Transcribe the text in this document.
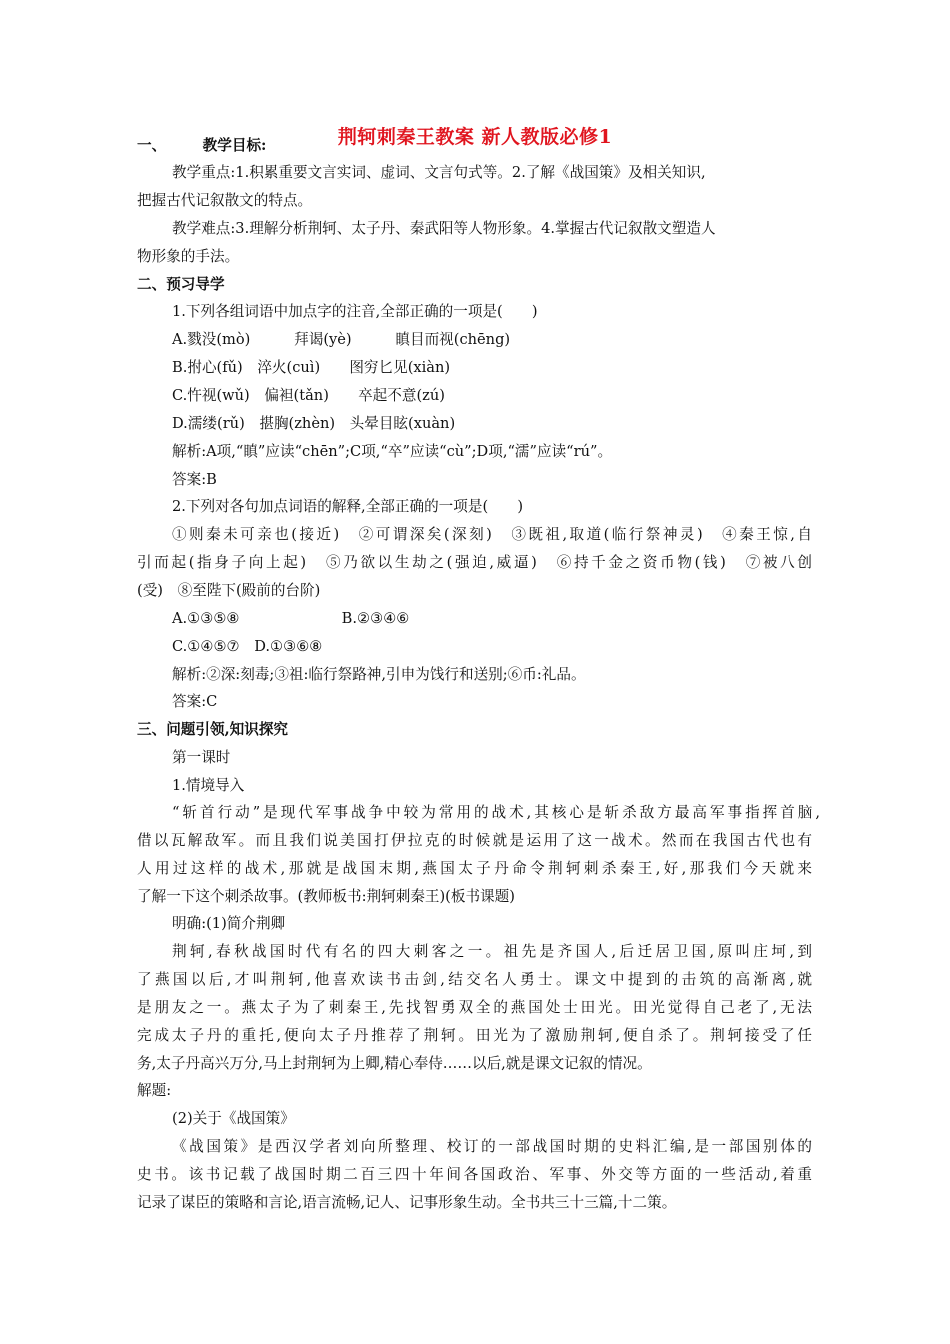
荆轲刺秦王教案 新人教版必修1
一、　　　教学目标:
教学重点:1.积累重要文言实词、虚词、文言句式等。2.了解《战国策》及相关知识,
把握古代记叙散文的特点。
教学难点:3.理解分析荆轲、太子丹、秦武阳等人物形象。4.掌握古代记叙散文塑造人
物形象的手法。
二、预习导学
1.下列各组词语中加点字的注音,全部正确的一项是(　　)
A.戮没(mò)　　　拜谒(yè)　　　瞋目而视(chēng)
B.拊心(fǔ)　淬火(cuì)　　图穷匕见(xiàn)
C.忤视(wǔ)　偏袒(tǎn)　　卒起不意(zú)
D.濡缕(rǔ)　揕胸(zhèn)　头晕目眩(xuàn)
解析:A项,“瞋”应读“chēn”;C项,“卒”应读“cù”;D项,“濡”应读“rú”。
答案:B
2.下列对各句加点词语的解释,全部正确的一项是(　　)
①则秦未可亲也(接近)　②可谓深矣(深刻)　③既祖,取道(临行祭神灵)　④秦王惊,自
引而起(指身子向上起)　⑤乃欲以生劫之(强迫,威逼)　⑥持千金之资币物(钱)　⑦被八创
(受)　⑧至陛下(殿前的台阶)
A.①③⑤⑧　　　　　　　B.②③④⑥
C.①④⑤⑦　D.①③⑥⑧
解析:②深:刻毒;③祖:临行祭路神,引申为饯行和送别;⑥币:礼品。
答案:C
三、问题引领,知识探究
第一课时
1.情境导入
“斩首行动”是现代军事战争中较为常用的战术,其核心是斩杀敌方最高军事指挥首脑,
借以瓦解敌军。而且我们说美国打伊拉克的时候就是运用了这一战术。然而在我国古代也有
人用过这样的战术,那就是战国末期,燕国太子丹命令荆轲刺杀秦王,好,那我们今天就来
了解一下这个刺杀故事。(教师板书:荆轲刺秦王)(板书课题)
明确:(1)简介荆卿
荆轲,春秋战国时代有名的四大刺客之一。祖先是齐国人,后迁居卫国,原叫庄坷,到
了燕国以后,才叫荆轲,他喜欢读书击剑,结交名人勇士。课文中提到的击筑的高渐离,就
是朋友之一。燕太子为了刺秦王,先找智勇双全的燕国处士田光。田光觉得自己老了,无法
完成太子丹的重托,便向太子丹推荐了荆轲。田光为了激励荆轲,便自杀了。荆轲接受了任
务,太子丹高兴万分,马上封荆轲为上卿,精心奉侍……以后,就是课文记叙的情况。
解题:
(2)关于《战国策》
《战国策》是西汉学者刘向所整理、校订的一部战国时期的史料汇编,是一部国别体的
史书。该书记载了战国时期二百三四十年间各国政治、军事、外交等方面的一些活动,着重
记录了谋臣的策略和言论,语言流畅,记人、记事形象生动。全书共三十三篇,十二策。
